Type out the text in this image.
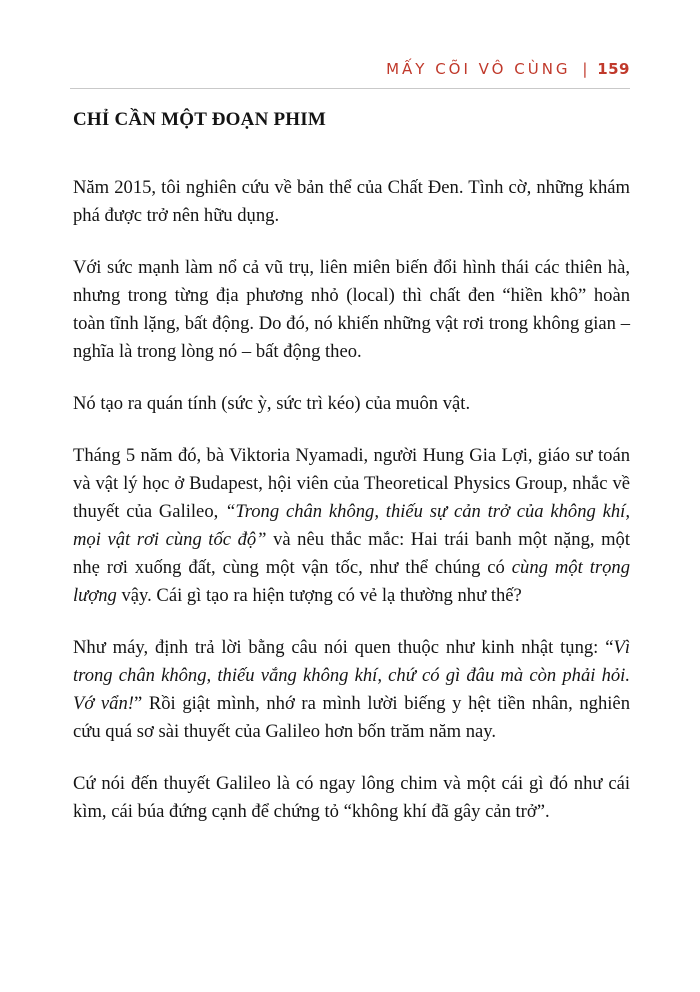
MẤY CÕI VÔ CÙNG | 159
CHỈ CẦN MỘT ĐOẠN PHIM

Năm 2015, tôi nghiên cứu về bản thể của Chất Đen. Tình cờ, những khám phá được trở nên hữu dụng.

Với sức mạnh làm nổ cả vũ trụ, liên miên biến đổi hình thái các thiên hà, nhưng trong từng địa phương nhỏ (local) thì chất đen “hiền khô” hoàn toàn tĩnh lặng, bất động. Do đó, nó khiến những vật rơi trong không gian – nghĩa là trong lòng nó – bất động theo.

Nó tạo ra quán tính (sức ỳ, sức trì kéo) của muôn vật.

Tháng 5 năm đó, bà Viktoria Nyamadi, người Hung Gia Lợi, giáo sư toán và vật lý học ở Budapest, hội viên của Theoretical Physics Group, nhắc về thuyết của Galileo, “Trong chân không, thiếu sự cản trở của không khí, mọi vật rơi cùng tốc độ” và nêu thắc mắc: Hai trái banh một nặng, một nhẹ rơi xuống đất, cùng một vận tốc, như thể chúng có cùng một trọng lượng vậy. Cái gì tạo ra hiện tượng có vẻ lạ thường như thế?

Như máy, định trả lời bằng câu nói quen thuộc như kinh nhật tụng: “Vì trong chân không, thiếu vắng không khí, chứ có gì đâu mà còn phải hỏi. Vớ vẩn!” Rồi giật mình, nhớ ra mình lười biếng y hệt tiền nhân, nghiên cứu quá sơ sài thuyết của Galileo hơn bốn trăm năm nay.

Cứ nói đến thuyết Galileo là có ngay lông chim và một cái gì đó như cái kìm, cái búa đứng cạnh để chứng tỏ “không khí đã gây cản trở”.
